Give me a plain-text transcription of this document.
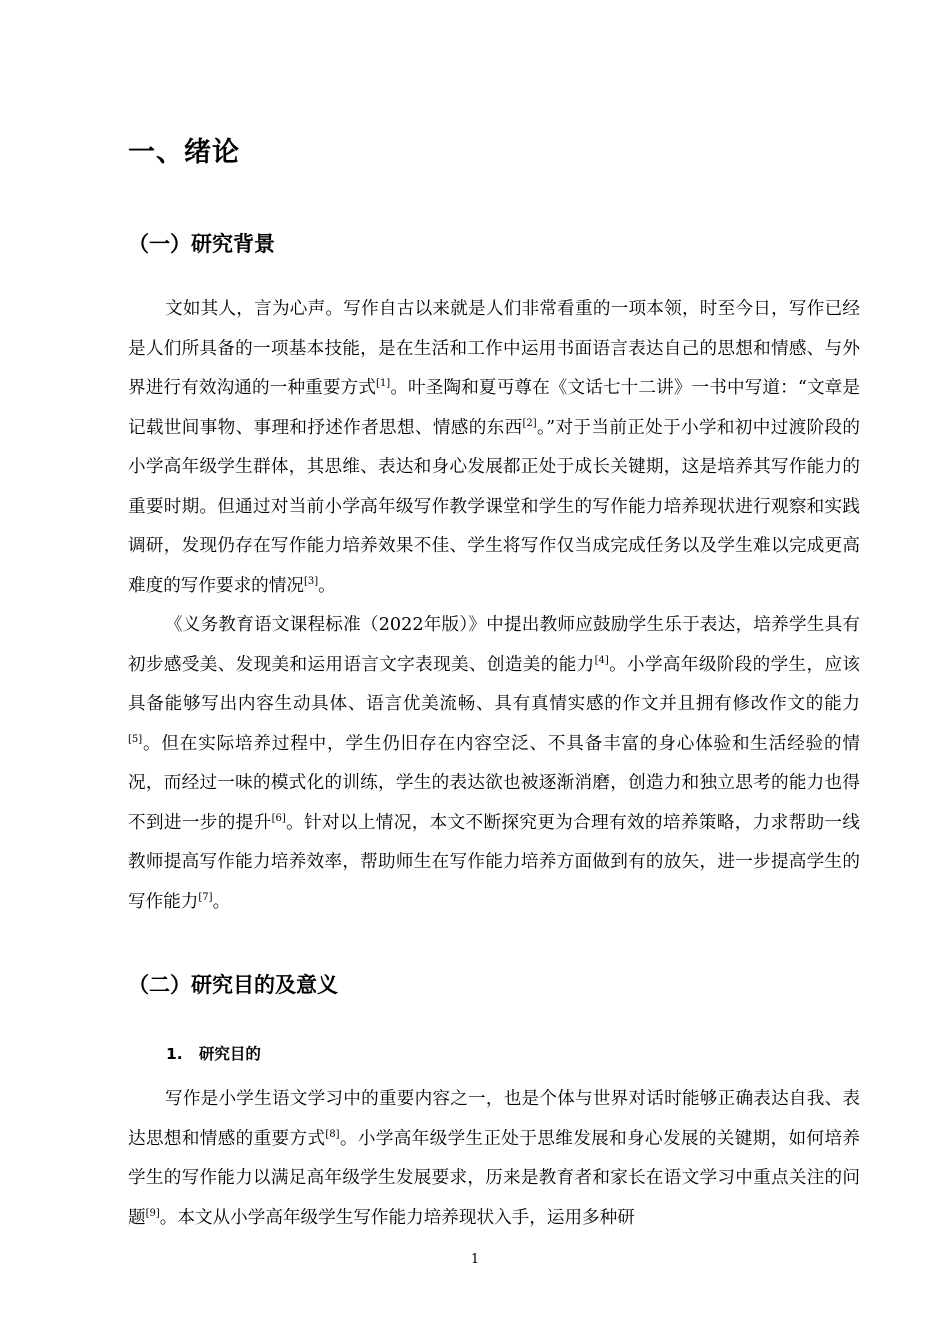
一、绪论
（一）研究背景

文如其人，言为心声。写作自古以来就是人们非常看重的一项本领，时至今日，写作已经是人们所具备的一项基本技能，是在生活和工作中运用书面语言表达自己的思想和情感、与外界进行有效沟通的一种重要方式[1]。叶圣陶和夏丏尊在《文话七十二讲》一书中写道：“文章是记载世间事物、事理和抒述作者思想、情感的东西[2]。”对于当前正处于小学和初中过渡阶段的小学高年级学生群体，其思维、表达和身心发展都正处于成长关键期，这是培养其写作能力的重要时期。但通过对当前小学高年级写作教学课堂和学生的写作能力培养现状进行观察和实践调研，发现仍存在写作能力培养效果不佳、学生将写作仅当成完成任务以及学生难以完成更高难度的写作要求的情况[3]。

《义务教育语文课程标准（2022年版）》中提出教师应鼓励学生乐于表达，培养学生具有初步感受美、发现美和运用语言文字表现美、创造美的能力[4]。小学高年级阶段的学生，应该具备能够写出内容生动具体、语言优美流畅、具有真情实感的作文并且拥有修改作文的能力[5]。但在实际培养过程中，学生仍旧存在内容空泛、不具备丰富的身心体验和生活经验的情况，而经过一味的模式化的训练，学生的表达欲也被逐渐消磨，创造力和独立思考的能力也得不到进一步的提升[6]。针对以上情况，本文不断探究更为合理有效的培养策略，力求帮助一线教师提高写作能力培养效率，帮助师生在写作能力培养方面做到有的放矢，进一步提高学生的写作能力[7]。

（二）研究目的及意义
1.   研究目的

写作是小学生语文学习中的重要内容之一，也是个体与世界对话时能够正确表达自我、表达思想和情感的重要方式[8]。小学高年级学生正处于思维发展和身心发展的关键期，如何培养学生的写作能力以满足高年级学生发展要求，历来是教育者和家长在语文学习中重点关注的问题[9]。本文从小学高年级学生写作能力培养现状入手，运用多种研

1
